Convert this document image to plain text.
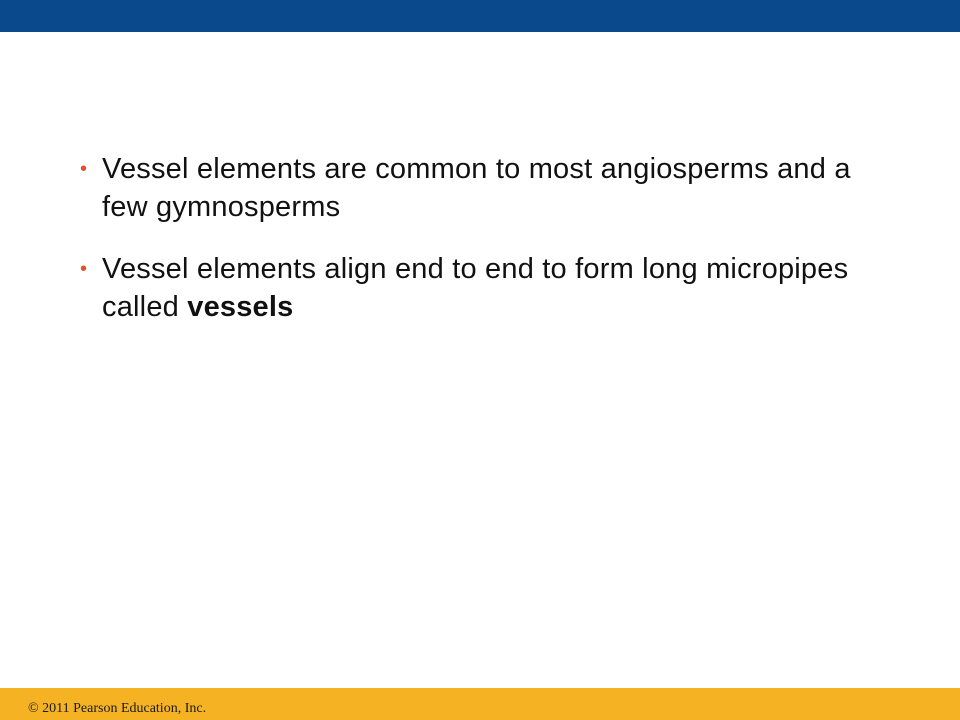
• Vessel elements are common to most angiosperms and a few gymnosperms
• Vessel elements align end to end to form long micropipes called vessels
© 2011 Pearson Education, Inc.
